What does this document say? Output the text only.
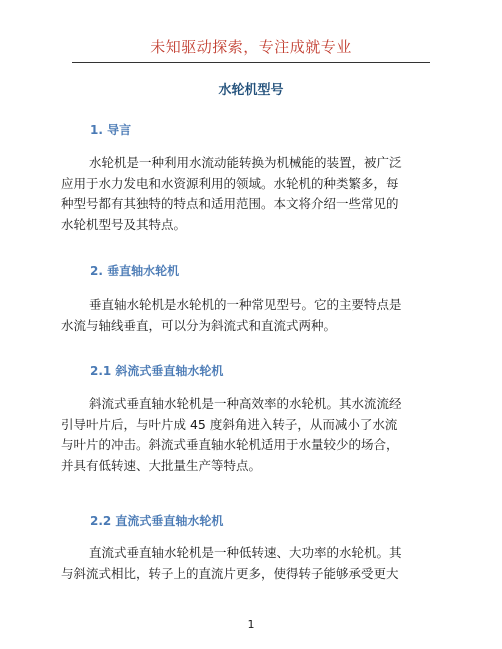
未知驱动探索，专注成就专业
水轮机型号
1. 导言
水轮机是一种利用水流动能转换为机械能的装置，被广泛
应用于水力发电和水资源利用的领域。水轮机的种类繁多，每
种型号都有其独特的特点和适用范围。本文将介绍一些常见的
水轮机型号及其特点。
2. 垂直轴水轮机
垂直轴水轮机是水轮机的一种常见型号。它的主要特点是
水流与轴线垂直，可以分为斜流式和直流式两种。
2.1 斜流式垂直轴水轮机
斜流式垂直轴水轮机是一种高效率的水轮机。其水流流经
引导叶片后，与叶片成 45 度斜角进入转子，从而减小了水流
与叶片的冲击。斜流式垂直轴水轮机适用于水量较少的场合，
并具有低转速、大批量生产等特点。
2.2 直流式垂直轴水轮机
直流式垂直轴水轮机是一种低转速、大功率的水轮机。其
与斜流式相比，转子上的直流片更多，使得转子能够承受更大
1
